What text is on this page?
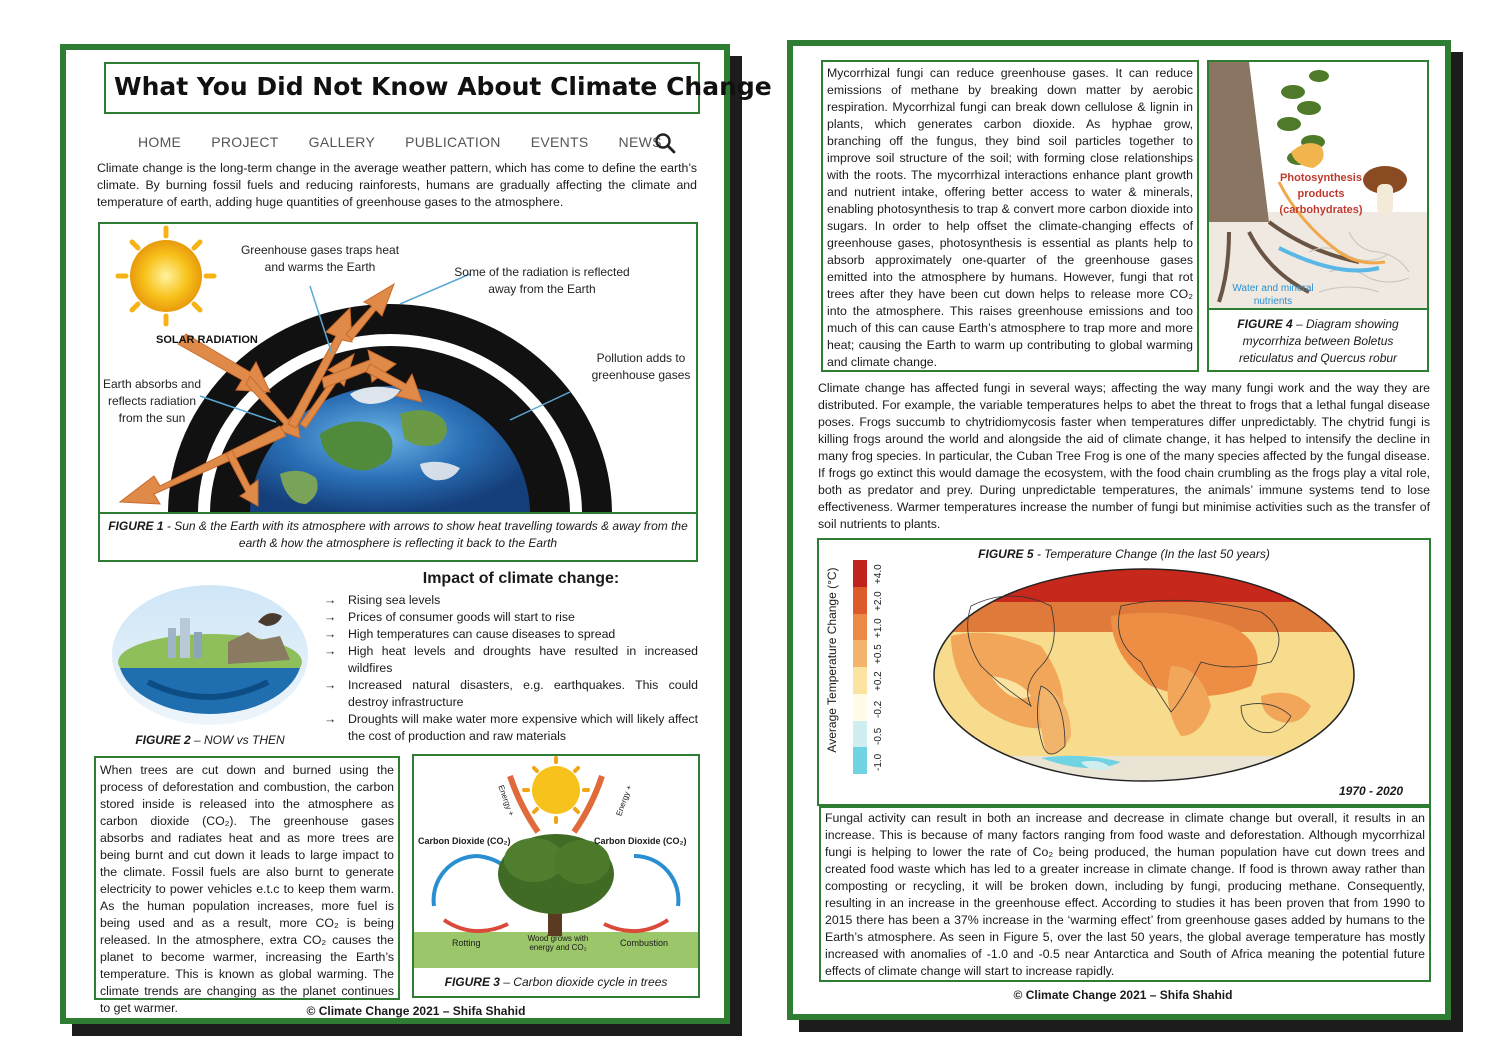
What You Did Not Know About Climate Change
HOME PROJECT GALLERY PUBLICATION EVENTS NEWS
Climate change is the long-term change in the average weather pattern, which has come to define the earth’s climate. By burning fossil fuels and reducing rainforests, humans are gradually affecting the climate and temperature of earth, adding huge quantities of greenhouse gases to the atmosphere.
Greenhouse gases traps heat and warms the Earth	Some of the radiation is reflected away from the Earth
SOLAR RADIATION
Earth absorbs and reflects radiation from the sun
Pollution adds to greenhouse gases
FIGURE 1 - Sun & the Earth with its atmosphere with arrows to show heat travelling towards & away from the earth & how the atmosphere is reflecting it back to the Earth
FIGURE 2 – NOW vs THEN
Impact of climate change:
→ Rising sea levels
→ Prices of consumer goods will start to rise
→ High temperatures can cause diseases to spread
→ High heat levels and droughts have resulted in increased wildfires
→ Increased natural disasters, e.g. earthquakes. This could destroy infrastructure
→ Droughts will make water more expensive which will likely affect the cost of production and raw materials
When trees are cut down and burned using the process of deforestation and combustion, the carbon stored inside is released into the atmosphere as carbon dioxide (CO₂). The greenhouse gases absorbs and radiates heat and as more trees are being burnt and cut down it leads to large impact to the climate. Fossil fuels are also burnt to generate electricity to power vehicles e.t.c to keep them warm. As the human population increases, more fuel is being used and as a result, more CO₂ is being released. In the atmosphere, extra CO₂ causes the planet to become warmer, increasing the Earth’s temperature. This is known as global warming. The climate trends are changing as the planet continues to get warmer.
Carbon Dioxide (CO₂)	Carbon Dioxide (CO₂)
Energy +	Energy +
Rotting	Wood grows with energy and CO₂	Combustion
FIGURE 3 – Carbon dioxide cycle in trees
© Climate Change 2021 – Shifa Shahid
Mycorrhizal fungi can reduce greenhouse gases. It can reduce emissions of methane by breaking down matter by aerobic respiration. Mycorrhizal fungi can break down cellulose & lignin in plants, which generates carbon dioxide. As hyphae grow, branching off the fungus, they bind soil particles together to improve soil structure of the soil; with forming close relationships with the roots. The mycorrhizal interactions enhance plant growth and nutrient intake, offering better access to water & minerals, enabling photosynthesis to trap & convert more carbon dioxide into sugars. In order to help offset the climate-changing effects of greenhouse gases, photosynthesis is essential as plants help to absorb approximately one-quarter of the greenhouse gases emitted into the atmosphere by humans. However, fungi that rot trees after they have been cut down helps to release more CO₂ into the atmosphere. This raises greenhouse emissions and too much of this can cause Earth’s atmosphere to trap more and more heat; causing the Earth to warm up contributing to global warming and climate change.
Photosynthesis products (carbohydrates)
Water and mineral nutrients
FIGURE 4 – Diagram showing mycorrhiza between Boletus reticulatus and Quercus robur
Climate change has affected fungi in several ways; affecting the way many fungi work and the way they are distributed. For example, the variable temperatures helps to abet the threat to frogs that a lethal fungal disease poses. Frogs succumb to chytridiomycosis faster when temperatures differ unpredictably. The chytrid fungi is killing frogs around the world and alongside the aid of climate change, it has helped to intensify the decline in many frog species. In particular, the Cuban Tree Frog is one of the many species affected by the fungal disease. If frogs go extinct this would damage the ecosystem, with the food chain crumbling as the frogs play a vital role, both as predator and prey. During unpredictable temperatures, the animals’ immune systems tend to lose effectiveness. Warmer temperatures increase the number of fungi but minimise activities such as the transfer of soil nutrients to plants.
FIGURE 5 - Temperature Change (In the last 50 years)
Average Temperature Change (°C)	+4.0
+2.0
+1.0
+0.5
+0.2
-0.2
-0.5
-1.0
1970 - 2020
Fungal activity can result in both an increase and decrease in climate change but overall, it results in an increase. This is because of many factors ranging from food waste and deforestation. Although mycorrhizal fungi is helping to lower the rate of Co₂ being produced, the human population have cut down trees and created food waste which has led to a greater increase in climate change. If food is thrown away rather than composting or recycling, it will be broken down, including by fungi, producing methane. Consequently, resulting in an increase in the greenhouse effect. According to studies it has been proven that from 1990 to 2015 there has been a 37% increase in the ‘warming effect’ from greenhouse gases added by humans to the Earth’s atmosphere. As seen in Figure 5, over the last 50 years, the global average temperature has mostly increased with anomalies of -1.0 and -0.5 near Antarctica and South of Africa meaning the potential future effects of climate change will start to increase rapidly.
© Climate Change 2021 – Shifa Shahid
